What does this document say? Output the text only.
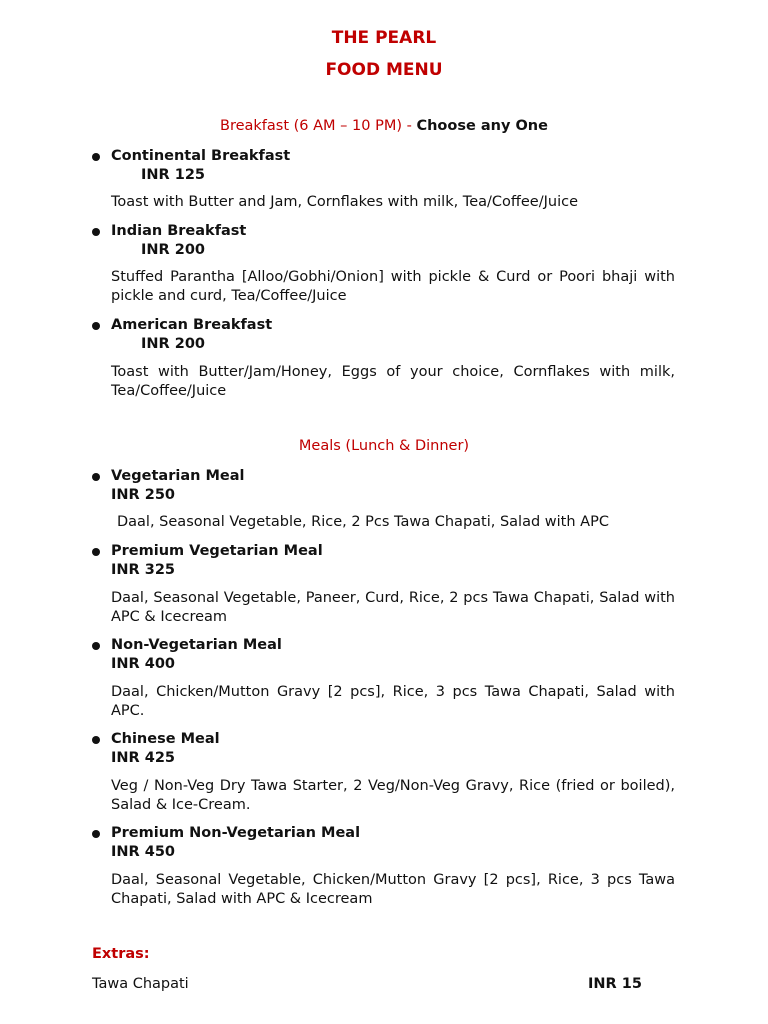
THE PEARL
FOOD MENU
Breakfast (6 AM – 10 PM) - Choose any One
Continental Breakfast
INR 125
Toast with Butter and Jam, Cornflakes with milk, Tea/Coffee/Juice
Indian Breakfast
INR 200
Stuffed Parantha [Alloo/Gobhi/Onion] with pickle & Curd or Poori bhaji with pickle and curd, Tea/Coffee/Juice
American Breakfast
INR 200
Toast with Butter/Jam/Honey, Eggs of your choice, Cornflakes with milk, Tea/Coffee/Juice
Meals (Lunch & Dinner)
Vegetarian Meal
INR 250
Daal, Seasonal Vegetable, Rice, 2 Pcs Tawa Chapati, Salad with APC
Premium Vegetarian Meal
INR 325
Daal, Seasonal Vegetable, Paneer, Curd, Rice, 2 pcs Tawa Chapati, Salad with APC & Icecream
Non-Vegetarian Meal
INR 400
Daal, Chicken/Mutton Gravy [2 pcs], Rice, 3 pcs Tawa Chapati, Salad with APC.
Chinese Meal
INR 425
Veg / Non-Veg Dry Tawa Starter, 2 Veg/Non-Veg Gravy, Rice (fried or boiled), Salad & Ice-Cream.
Premium Non-Vegetarian Meal
INR 450
Daal, Seasonal Vegetable, Chicken/Mutton Gravy [2 pcs], Rice, 3 pcs Tawa Chapati, Salad with APC & Icecream
Extras:
Tawa Chapati	INR 15
